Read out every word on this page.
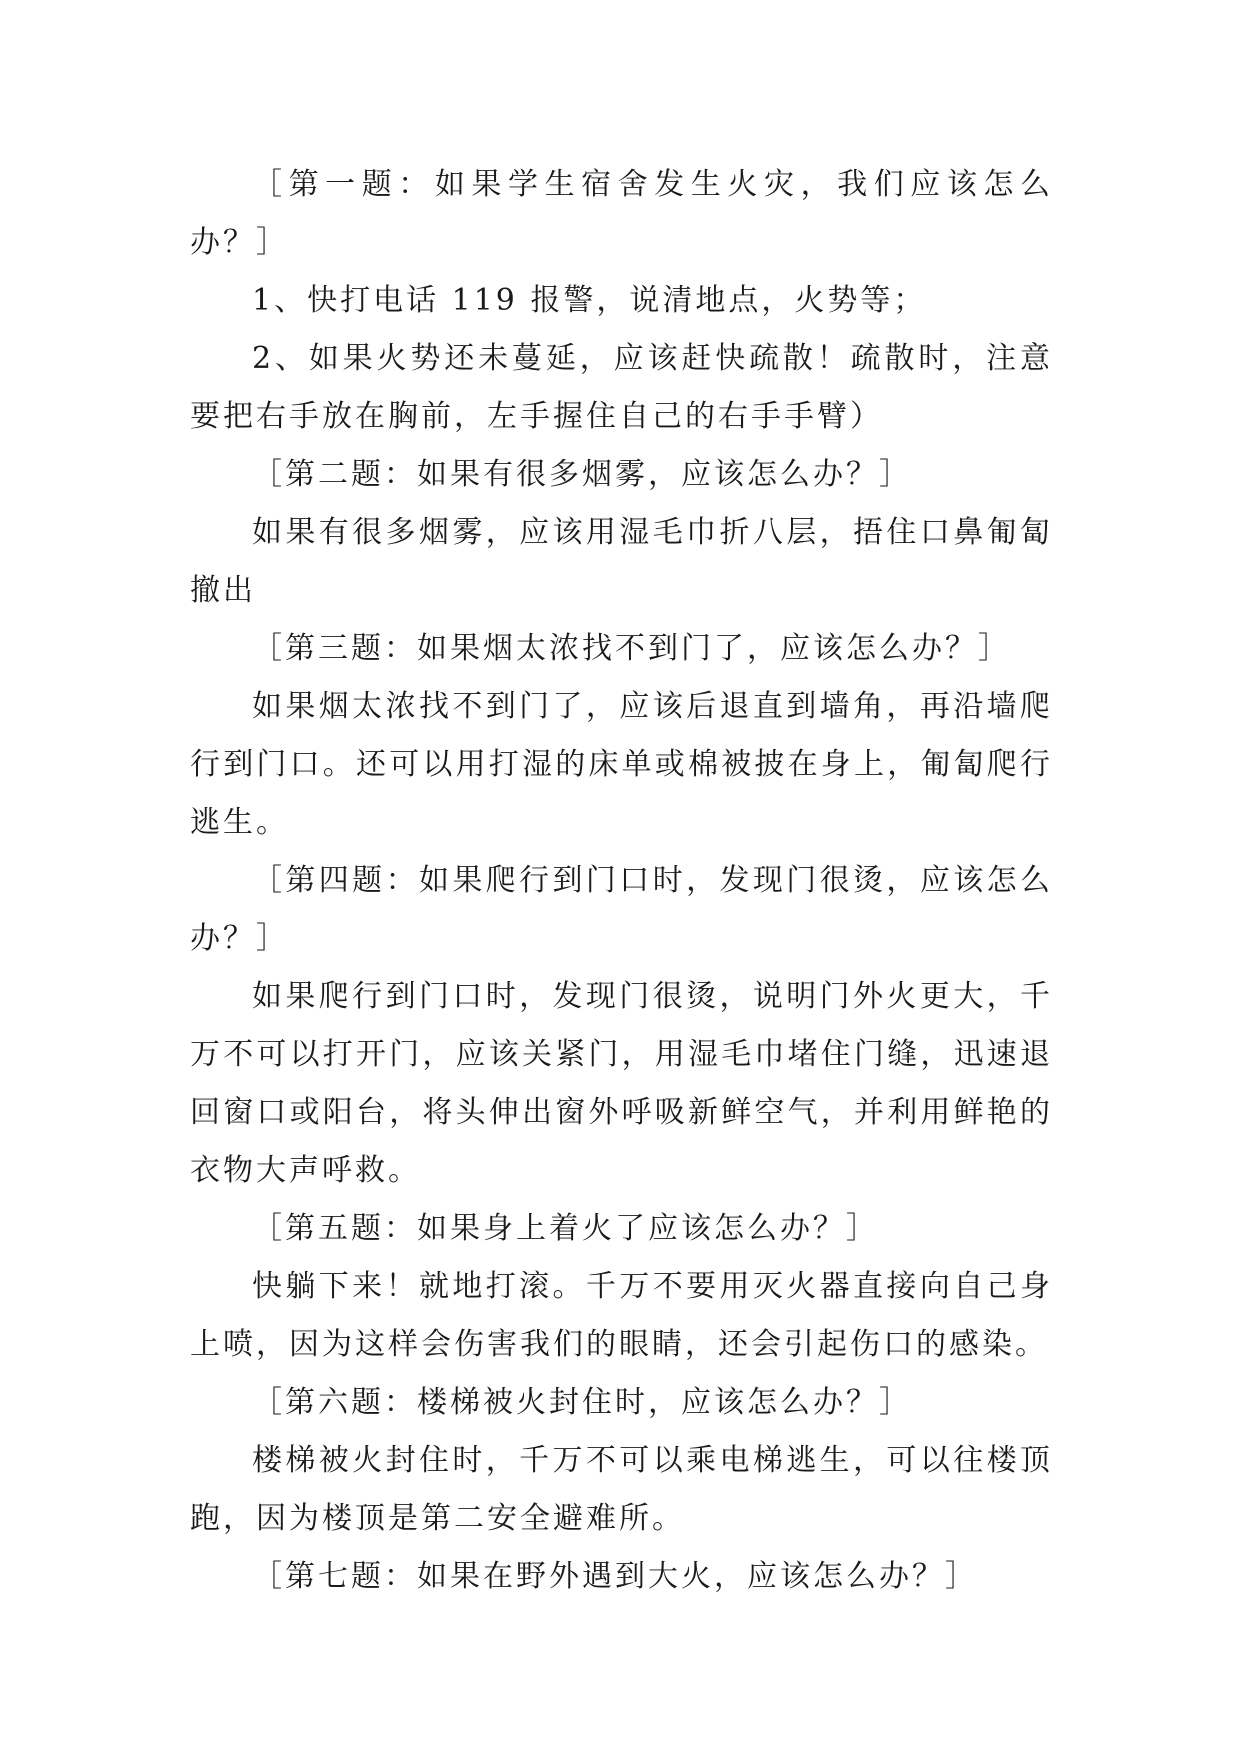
［第一题：如果学生宿舍发生火灾，我们应该怎么办？］

1、快打电话 119 报警，说清地点，火势等；

2、如果火势还未蔓延，应该赶快疏散！疏散时，注意要把右手放在胸前，左手握住自己的右手手臂）

［第二题：如果有很多烟雾，应该怎么办？］

如果有很多烟雾，应该用湿毛巾折八层，捂住口鼻匍匐撤出

［第三题：如果烟太浓找不到门了，应该怎么办？］

如果烟太浓找不到门了，应该后退直到墙角，再沿墙爬行到门口。还可以用打湿的床单或棉被披在身上，匍匐爬行逃生。

［第四题：如果爬行到门口时，发现门很烫，应该怎么办？］

如果爬行到门口时，发现门很烫，说明门外火更大，千万不可以打开门，应该关紧门，用湿毛巾堵住门缝，迅速退回窗口或阳台，将头伸出窗外呼吸新鲜空气，并利用鲜艳的衣物大声呼救。

［第五题：如果身上着火了应该怎么办？］

快躺下来！就地打滚。千万不要用灭火器直接向自己身上喷，因为这样会伤害我们的眼睛，还会引起伤口的感染。

［第六题：楼梯被火封住时，应该怎么办？］

楼梯被火封住时，千万不可以乘电梯逃生，可以往楼顶跑，因为楼顶是第二安全避难所。

［第七题：如果在野外遇到大火，应该怎么办？］
